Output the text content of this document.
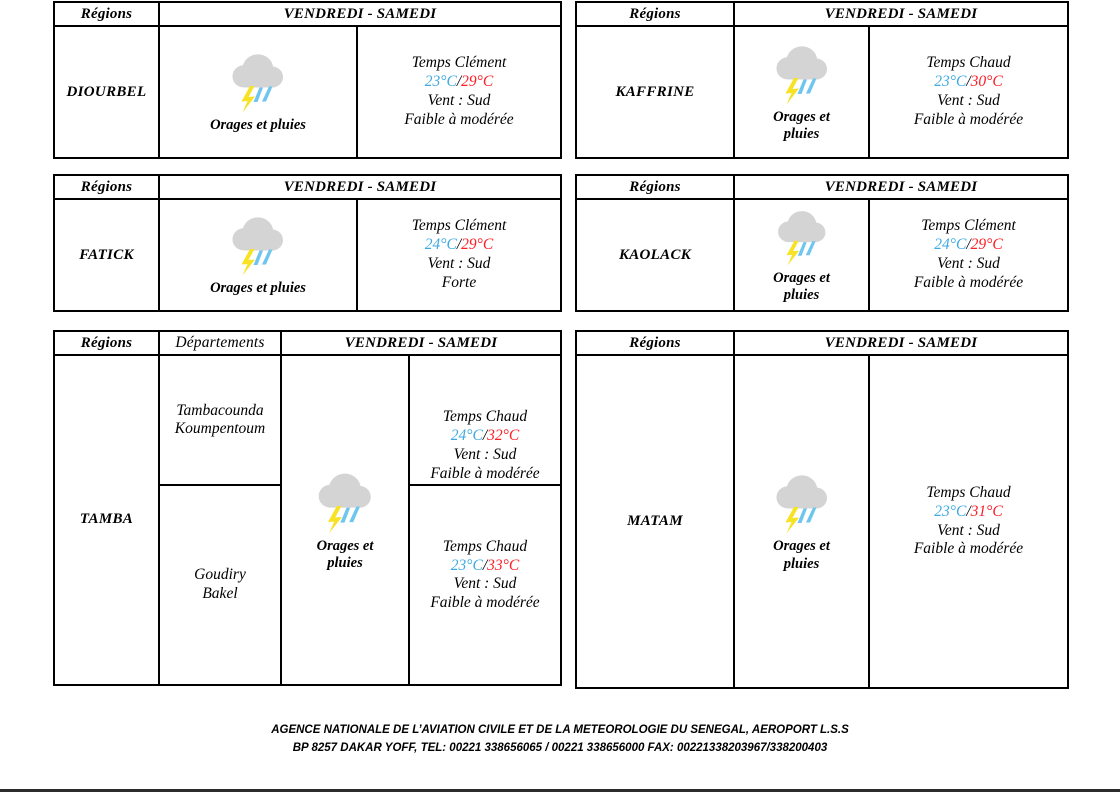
Régions	VENDREDI - SAMEDI	
DIOURBEL	Orages et pluies	Temps Clément
23°C/29°C
Vent : Sud
Faible à modérée
Régions	VENDREDI - SAMEDI	
KAFFRINE	Orages et
pluies	Temps Chaud
23°C/30°C
Vent : Sud
Faible à modérée
Régions	VENDREDI - SAMEDI	
FATICK	Orages et pluies	Temps Clément
24°C/29°C
Vent : Sud
Forte
Régions	VENDREDI - SAMEDI	
KAOLACK	Orages et
pluies	Temps Clément
24°C/29°C
Vent : Sud
Faible à modérée
Régions	Départements	VENDREDI - SAMEDI	
TAMBA	Tambacounda
Koumpentoum	Orages et
pluies	Temps Chaud
24°C/32°C
Vent : Sud
Faible à modérée

	Goudiry
Bakel		Temps Chaud
23°C/33°C
Vent : Sud
Faible à modérée
Régions	VENDREDI - SAMEDI	
MATAM	Orages et
pluies	Temps Chaud
23°C/31°C
Vent : Sud
Faible à modérée
AGENCE NATIONALE DE L’AVIATION CIVILE ET DE LA METEOROLOGIE DU SENEGAL, AEROPORT L.S.S
BP 8257 DAKAR YOFF, TEL: 00221 338656065 / 00221 338656000 FAX: 00221338203967/338200403
